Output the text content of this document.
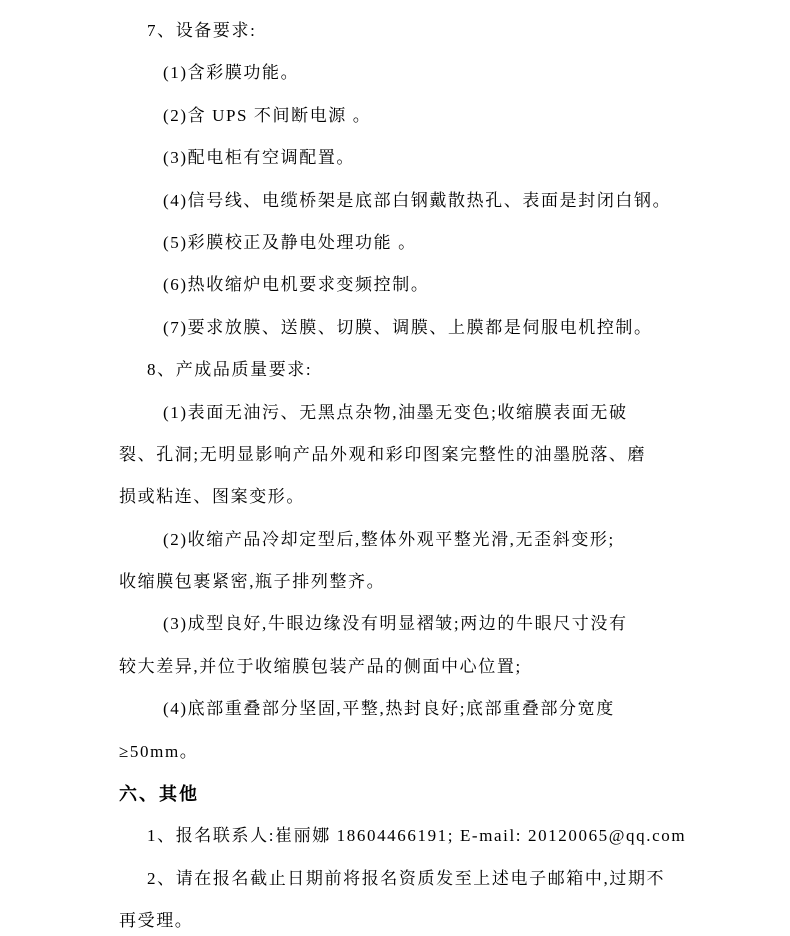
7、设备要求:
(1)含彩膜功能。
(2)含 UPS 不间断电源 。
(3)配电柜有空调配置。
(4)信号线、电缆桥架是底部白钢戴散热孔、表面是封闭白钢。
(5)彩膜校正及静电处理功能 。
(6)热收缩炉电机要求变频控制。
(7)要求放膜、送膜、切膜、调膜、上膜都是伺服电机控制。
8、产成品质量要求:
(1)表面无油污、无黑点杂物,油墨无变色;收缩膜表面无破
裂、孔洞;无明显影响产品外观和彩印图案完整性的油墨脱落、磨
损或粘连、图案变形。
(2)收缩产品冷却定型后,整体外观平整光滑,无歪斜变形;
收缩膜包裹紧密,瓶子排列整齐。
(3)成型良好,牛眼边缘没有明显褶皱;两边的牛眼尺寸没有
较大差异,并位于收缩膜包装产品的侧面中心位置;
(4)底部重叠部分坚固,平整,热封良好;底部重叠部分宽度
≥50mm。
六、其他
1、报名联系人:崔丽娜 18604466191; E-mail: 20120065@qq.com
2、请在报名截止日期前将报名资质发至上述电子邮箱中,过期不
再受理。
